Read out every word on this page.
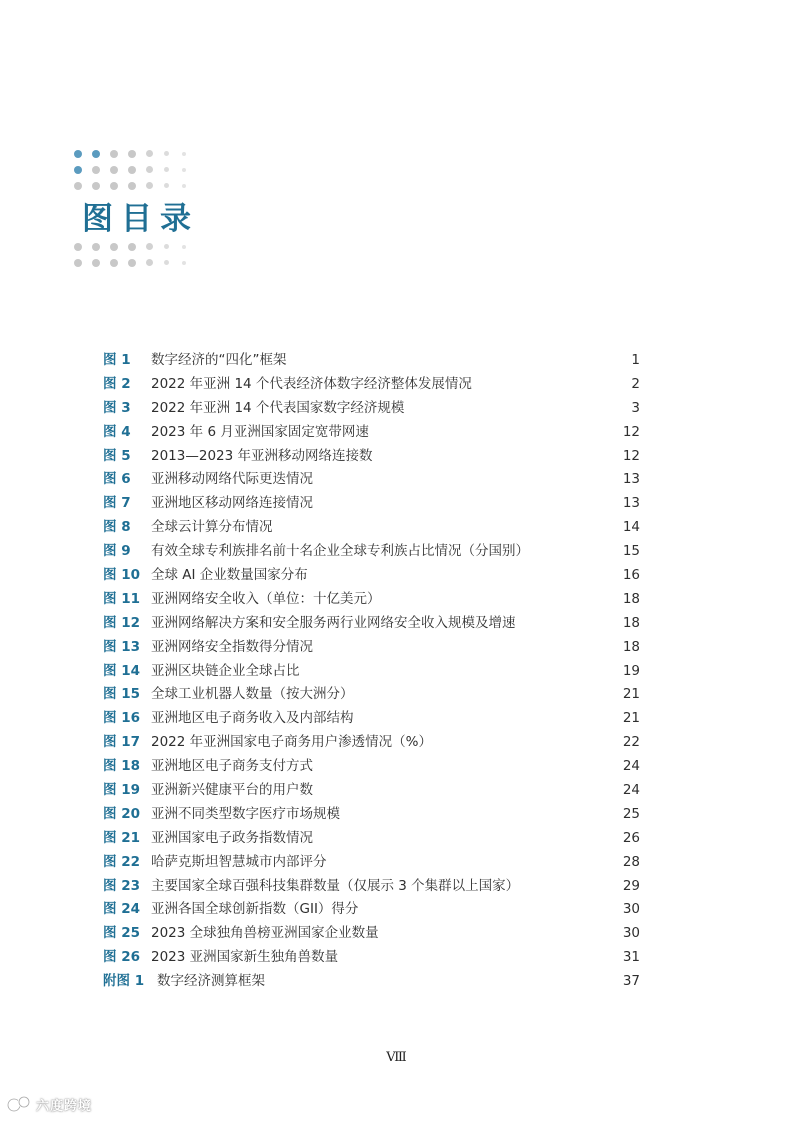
图目录
图 1	数字经济的“四化”框架	1
图 2	2022 年亚洲 14 个代表经济体数字经济整体发展情况	2
图 3	2022 年亚洲 14 个代表国家数字经济规模	3
图 4	2023 年 6 月亚洲国家固定宽带网速	12
图 5	2013—2023 年亚洲移动网络连接数	12
图 6	亚洲移动网络代际更迭情况	13
图 7	亚洲地区移动网络连接情况	13
图 8	全球云计算分布情况	14
图 9	有效全球专利族排名前十名企业全球专利族占比情况（分国别）	15
图 10 全球 AI 企业数量国家分布	16
图 11 亚洲网络安全收入（单位：十亿美元）	18
图 12 亚洲网络解决方案和安全服务两行业网络安全收入规模及增速	18
图 13 亚洲网络安全指数得分情况	18
图 14 亚洲区块链企业全球占比	19
图 15 全球工业机器人数量（按大洲分）	21
图 16 亚洲地区电子商务收入及内部结构	21
图 17 2022 年亚洲国家电子商务用户渗透情况（%）	22
图 18 亚洲地区电子商务支付方式	24
图 19 亚洲新兴健康平台的用户数	24
图 20 亚洲不同类型数字医疗市场规模	25
图 21 亚洲国家电子政务指数情况	26
图 22 哈萨克斯坦智慧城市内部评分	28
图 23 主要国家全球百强科技集群数量（仅展示 3 个集群以上国家）	29
图 24 亚洲各国全球创新指数（GII）得分	30
图 25 2023 全球独角兽榜亚洲国家企业数量	30
图 26 2023 亚洲国家新生独角兽数量	31
附图 1 数字经济测算框架	37
Ⅷ
六度跨境
